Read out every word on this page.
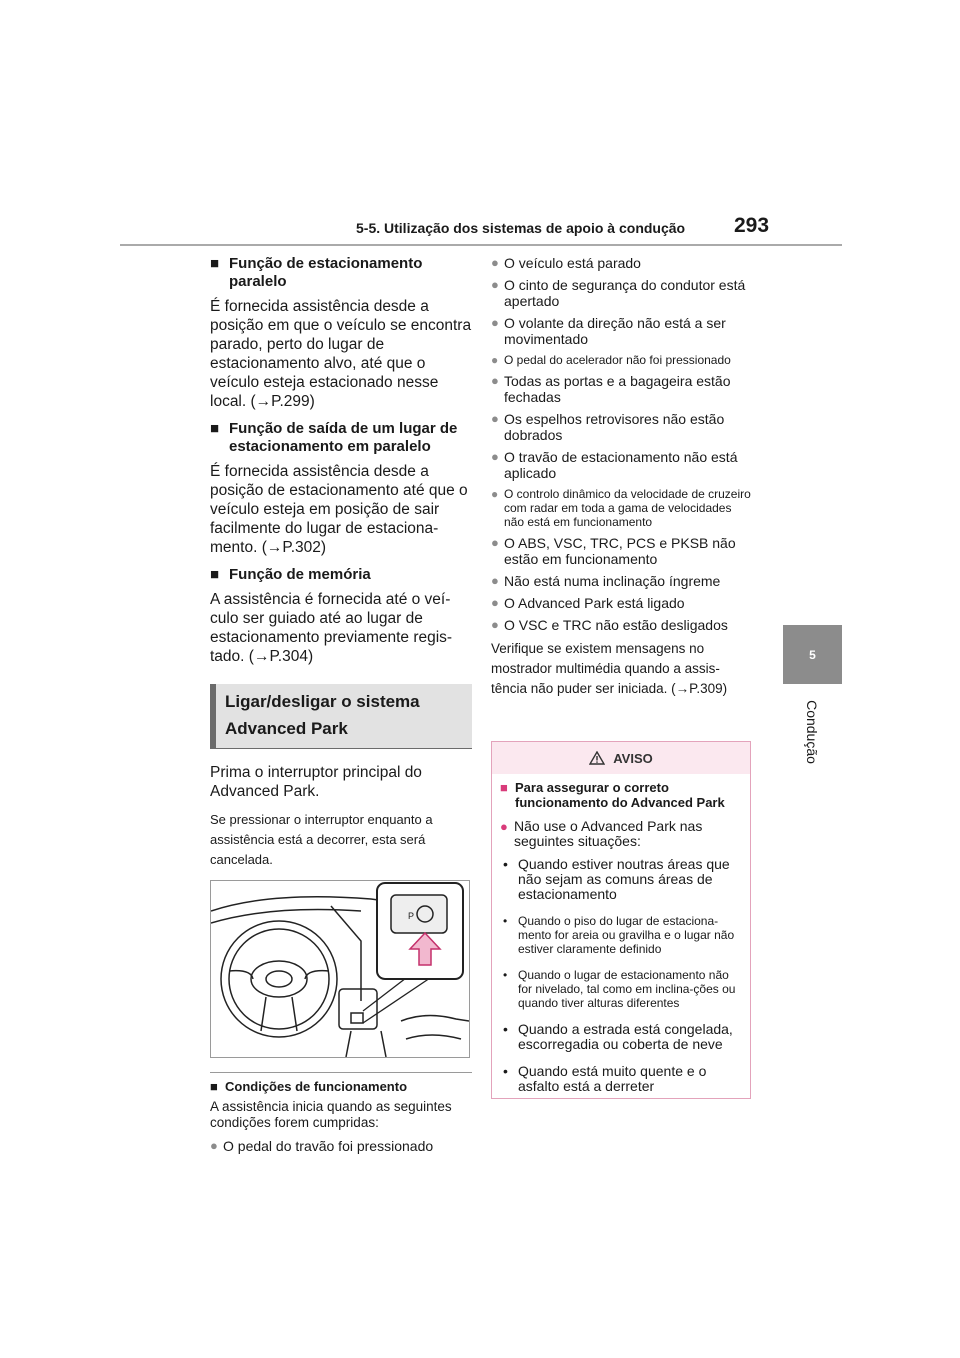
5-5. Utilização dos sistemas de apoio à condução 293
5
Condução
■ Função de estacionamento paralelo
É fornecida assistência desde a posição em que o veículo se encontra parado, perto do lugar de estacionamento alvo, até que o veículo esteja estacionado nesse local. (→P.299)
■ Função de saída de um lugar de estacionamento em paralelo
É fornecida assistência desde a posição de estacionamento até que o veículo esteja em posição de sair facilmente do lugar de estaciona-mento. (→P.302)
■ Função de memória
A assistência é fornecida até o veí-culo ser guiado até ao lugar de estacionamento previamente regis-tado. (→P.304)
Ligar/desligar o sistema Advanced Park
Prima o interruptor principal do Advanced Park.
Se pressionar o interruptor enquanto a assistência está a decorrer, esta será cancelada.
P
■ Condições de funcionamento
A assistência inicia quando as seguintes condições forem cumpridas:
● O pedal do travão foi pressionado
● O veículo está parado
● O cinto de segurança do condutor está apertado
● O volante da direção não está a ser movimentado
● O pedal do acelerador não foi pressionado
● Todas as portas e a bagageira estão fechadas
● Os espelhos retrovisores não estão dobrados
● O travão de estacionamento não está aplicado
● O controlo dinâmico da velocidade de cruzeiro com radar em toda a gama de velocidades não está em funcionamento
● O ABS, VSC, TRC, PCS e PKSB não estão em funcionamento
● Não está numa inclinação íngreme
● O Advanced Park está ligado
● O VSC e TRC não estão desligados
Verifique se existem mensagens no mostrador multimédia quando a assis-tência não puder ser iniciada. (→P.309)
AVISO
■ Para assegurar o correto funcionamento do Advanced Park
● Não use o Advanced Park nas seguintes situações:
• Quando estiver noutras áreas que não sejam as comuns áreas de estacionamento
• Quando o piso do lugar de estaciona-mento for areia ou gravilha e o lugar não estiver claramente definido
• Quando o lugar de estacionamento não for nivelado, tal como em inclina-ções ou quando tiver alturas diferentes
• Quando a estrada está congelada, escorregadia ou coberta de neve
• Quando está muito quente e o asfalto está a derreter
